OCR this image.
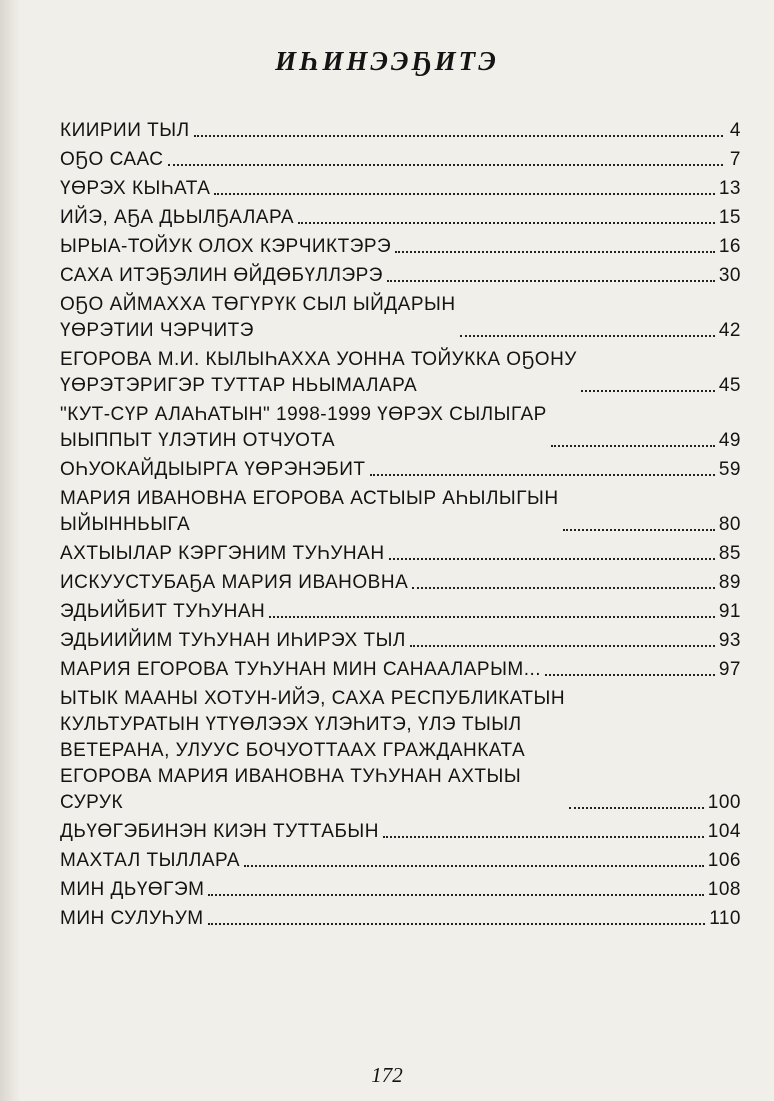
ИҺИНЭЭҔИТЭ
КИИРИИ ТЫЛ	4
ОҔО СААС	7
ҮӨРЭХ КЫҺАТА	13
ИЙЭ, АҔА ДЬЫЛҔАЛАРА	15
ЫРЫА-ТОЙУК ОЛОХ КЭРЧИКТЭРЭ	16
САХА ИТЭҔЭЛИН ӨЙДӨБҮЛЛЭРЭ	30
ОҔО АЙМАХХА ТӨГҮРҮК СЫЛ ЫЙДАРЫН
ҮӨРЭТИИ ЧЭРЧИТЭ	42
ЕГОРОВА М.И. КЫЛЫҺАХХА УОННА ТОЙУККА ОҔОНУ
ҮӨРЭТЭРИГЭР ТУТТАР НЬЫМАЛАРА	45
"КУТ-СҮР АЛАҺАТЫН" 1998-1999 ҮӨРЭХ СЫЛЫГАР
ЫЫППЫТ ҮЛЭТИН ОТЧУОТА	49
ОҺУОКАЙДЫЫРГА ҮӨРЭНЭБИТ	59
МАРИЯ ИВАНОВНА ЕГОРОВА АСТЫЫР АҺЫЛЫГЫН
ЫЙЫННЬЫГА	80
АХТЫЫЛАР КЭРГЭНИМ ТУҺУНАН	85
ИСКУУСТУБАҔА МАРИЯ ИВАНОВНА	89
ЭДЬИЙБИТ ТУҺУНАН	91
ЭДЬИИЙИМ ТУҺУНАН ИҺИРЭХ ТЫЛ	93
МАРИЯ ЕГОРОВА ТУҺУНАН МИН САНААЛАРЫМ...	97
ЫТЫК МААНЫ ХОТУН-ИЙЭ, САХА РЕСПУБЛИКАТЫН
КУЛЬТУРАТЫН ҮТҮӨЛЭЭХ ҮЛЭҺИТЭ, ҮЛЭ ТЫЫЛ
ВЕТЕРАНА, УЛУУС БОЧУОТТААХ ГРАЖДАНКАТА
ЕГОРОВА МАРИЯ ИВАНОВНА ТУҺУНАН АХТЫЫ
СУРУК	100
ДЬҮӨГЭБИНЭН КИЭН ТУТТАБЫН	104
МАХТАЛ ТЫЛЛАРА	106
МИН ДЬҮӨГЭМ	108
МИН СУЛУҺУМ	110
172
